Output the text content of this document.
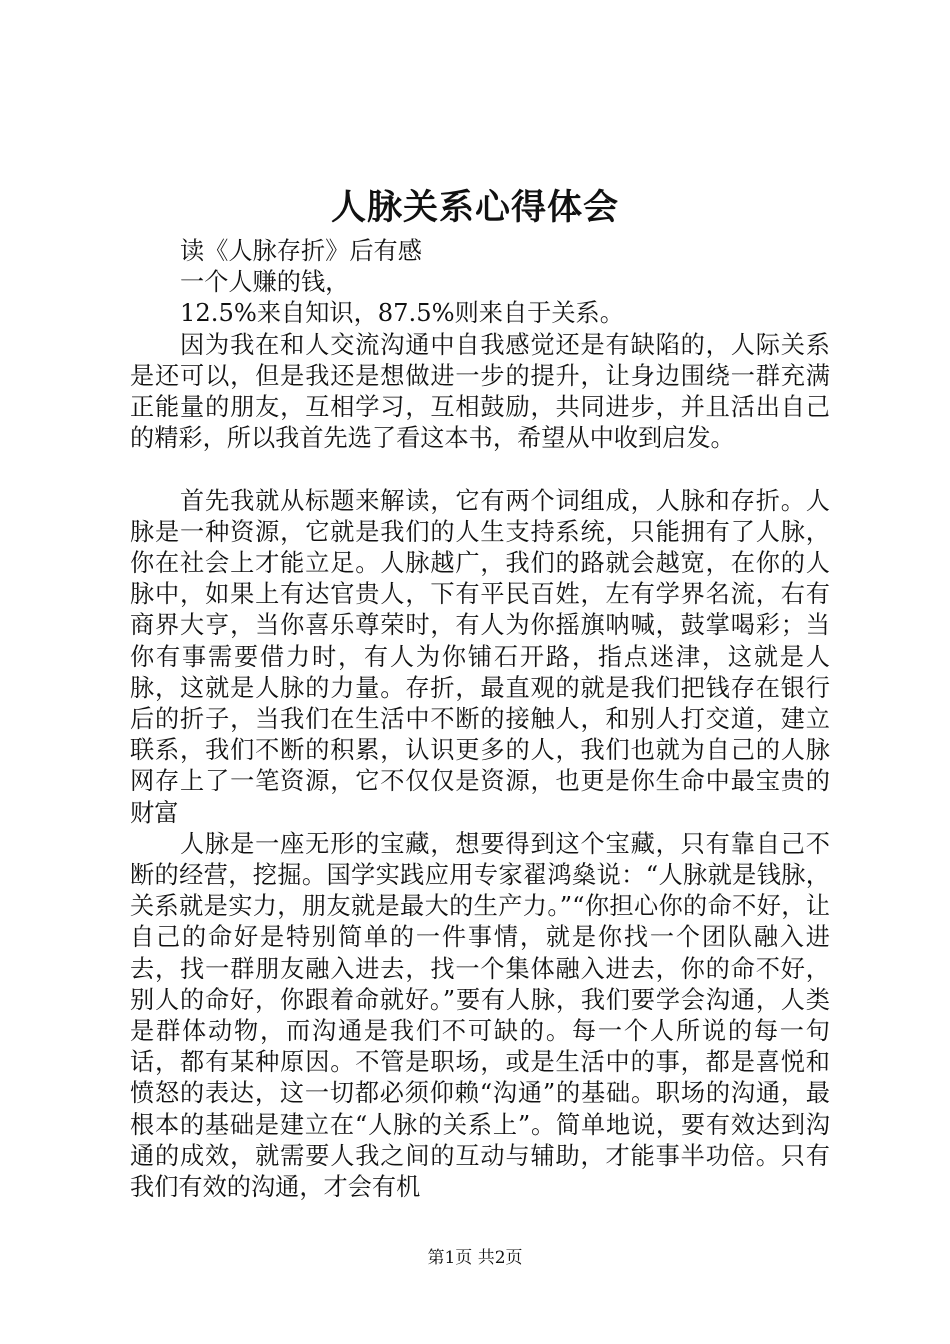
人脉关系心得体会

读《人脉存折》后有感

一个人赚的钱，

12.5%来自知识，87.5%则来自于关系。

因为我在和人交流沟通中自我感觉还是有缺陷的，人际关系是还可以，但是我还是想做进一步的提升，让身边围绕一群充满正能量的朋友，互相学习，互相鼓励，共同进步，并且活出自己的精彩，所以我首先选了看这本书，希望从中收到启发。

首先我就从标题来解读，它有两个词组成，人脉和存折。人脉是一种资源，它就是我们的人生支持系统，只能拥有了人脉，你在社会上才能立足。人脉越广，我们的路就会越宽，在你的人脉中，如果上有达官贵人，下有平民百姓，左有学界名流，右有商界大亨，当你喜乐尊荣时，有人为你摇旗呐喊，鼓掌喝彩；当你有事需要借力时，有人为你铺石开路，指点迷津，这就是人脉，这就是人脉的力量。存折，最直观的就是我们把钱存在银行后的折子，当我们在生活中不断的接触人，和别人打交道，建立联系，我们不断的积累，认识更多的人，我们也就为自己的人脉网存上了一笔资源，它不仅仅是资源，也更是你生命中最宝贵的财富

人脉是一座无形的宝藏，想要得到这个宝藏，只有靠自己不断的经营，挖掘。国学实践应用专家翟鸿燊说：“人脉就是钱脉，关系就是实力，朋友就是最大的生产力。”“你担心你的命不好，让自己的命好是特别简单的一件事情，就是你找一个团队融入进去，找一群朋友融入进去，找一个集体融入进去，你的命不好，别人的命好，你跟着命就好。”要有人脉，我们要学会沟通，人类是群体动物，而沟通是我们不可缺的。每一个人所说的每一句话，都有某种原因。不管是职场，或是生活中的事，都是喜悦和愤怒的表达，这一切都必须仰赖“沟通”的基础。职场的沟通，最根本的基础是建立在“人脉的关系上”。简单地说，要有效达到沟通的成效，就需要人我之间的互动与辅助，才能事半功倍。只有我们有效的沟通，才会有机

第1页 共2页
